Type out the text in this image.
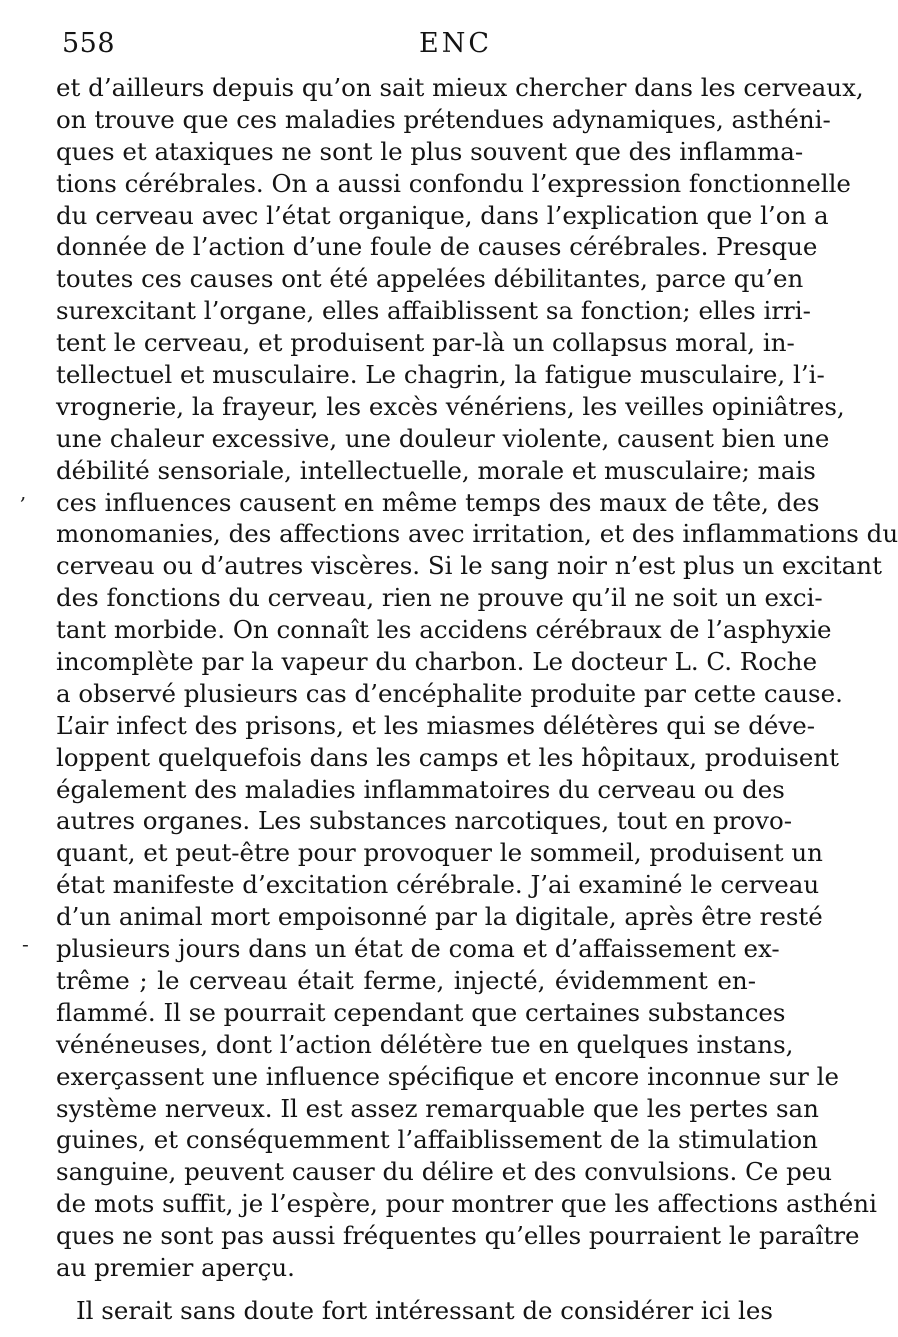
558	ENC
,
-
et d’ailleurs depuis qu’on sait mieux chercher dans les cerveaux,
on trouve que ces maladies prétendues adynamiques, asthéni-
ques et ataxiques ne sont le plus souvent que des inflamma-
tions cérébrales. On a aussi confondu l’expression fonctionnelle
du cerveau avec l’état organique, dans l’explication que l’on a
donnée de l’action d’une foule de causes cérébrales. Presque
toutes ces causes ont été appelées débilitantes, parce qu’en
surexcitant l’organe, elles affaiblissent sa fonction; elles irri-
tent le cerveau, et produisent par-là un collapsus moral, in-
tellectuel et musculaire. Le chagrin, la fatigue musculaire, l’i-
vrognerie, la frayeur, les excès vénériens, les veilles opiniâtres,
une chaleur excessive, une douleur violente, causent bien une
débilité sensoriale, intellectuelle, morale et musculaire; mais
ces influences causent en même temps des maux de tête, des
monomanies, des affections avec irritation, et des inflammations du
cerveau ou d’autres viscères. Si le sang noir n’est plus un excitant
des fonctions du cerveau, rien ne prouve qu’il ne soit un exci-
tant morbide. On connaît les accidens cérébraux de l’asphyxie
incomplète par la vapeur du charbon. Le docteur L. C. Roche
a observé plusieurs cas d’encéphalite produite par cette cause.
L’air infect des prisons, et les miasmes délétères qui se déve-
loppent quelquefois dans les camps et les hôpitaux, produisent
également des maladies inflammatoires du cerveau ou des
autres organes. Les substances narcotiques, tout en provo-
quant, et peut-être pour provoquer le sommeil, produisent un
état manifeste d’excitation cérébrale. J’ai examiné le cerveau
d’un animal mort empoisonné par la digitale, après être resté
plusieurs jours dans un état de coma et d’affaissement ex-
trême ; le cerveau était ferme, injecté, évidemment en-
flammé. Il se pourrait cependant que certaines substances
vénéneuses, dont l’action délétère tue en quelques instans,
exerçassent une influence spécifique et encore inconnue sur le
système nerveux. Il est assez remarquable que les pertes san
guines, et conséquemment l’affaiblissement de la stimulation
sanguine, peuvent causer du délire et des convulsions. Ce peu
de mots suffit, je l’espère, pour montrer que les affections asthéni
ques ne sont pas aussi fréquentes qu’elles pourraient le paraître
au premier aperçu.
Il serait sans doute fort intéressant de considérer ici les
